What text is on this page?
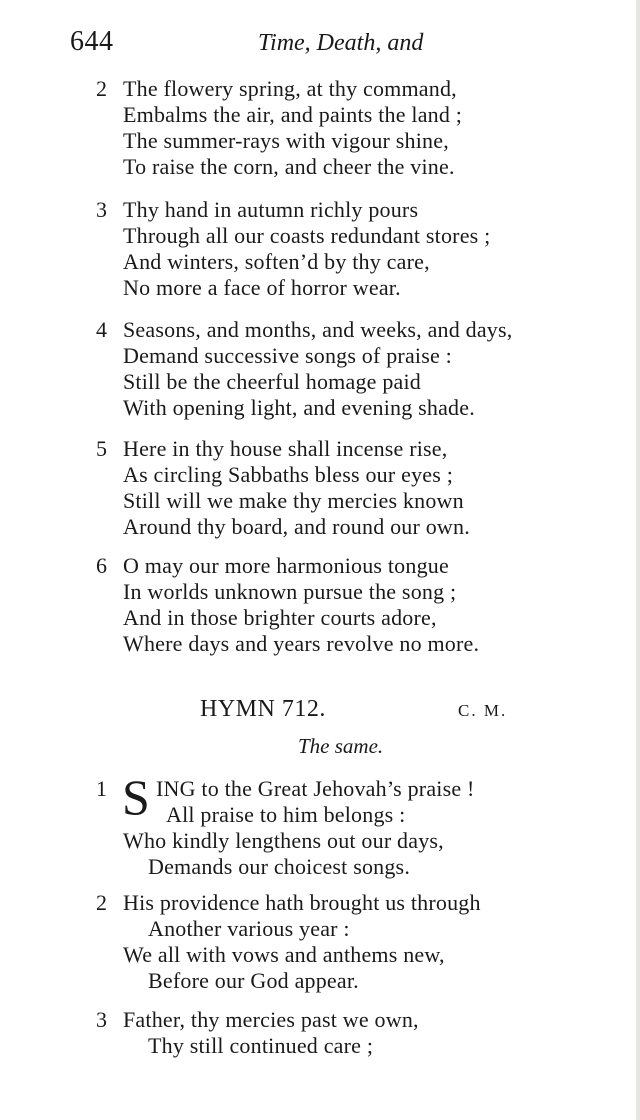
644	Time, Death, and
2 The flowery spring, at thy command,
Embalms the air, and paints the land ;
The summer-rays with vigour shine,
To raise the corn, and cheer the vine.
3 Thy hand in autumn richly pours
Through all our coasts redundant stores ;
And winters, soften’d by thy care,
No more a face of horror wear.
4 Seasons, and months, and weeks, and days,
Demand successive songs of praise :
Still be the cheerful homage paid
With opening light, and evening shade.
5 Here in thy house shall incense rise,
As circling Sabbaths bless our eyes ;
Still will we make thy mercies known
Around thy board, and round our own.
6 O may our more harmonious tongue
In worlds unknown pursue the song ;
And in those brighter courts adore,
Where days and years revolve no more.
HYMN 712.	C. M.
The same.
1 S ING to the Great Jehovah’s praise !
All praise to him belongs :
Who kindly lengthens out our days,
Demands our choicest songs.
2 His providence hath brought us through
Another various year :
We all with vows and anthems new,
Before our God appear.
3 Father, thy mercies past we own,
Thy still continued care ;
